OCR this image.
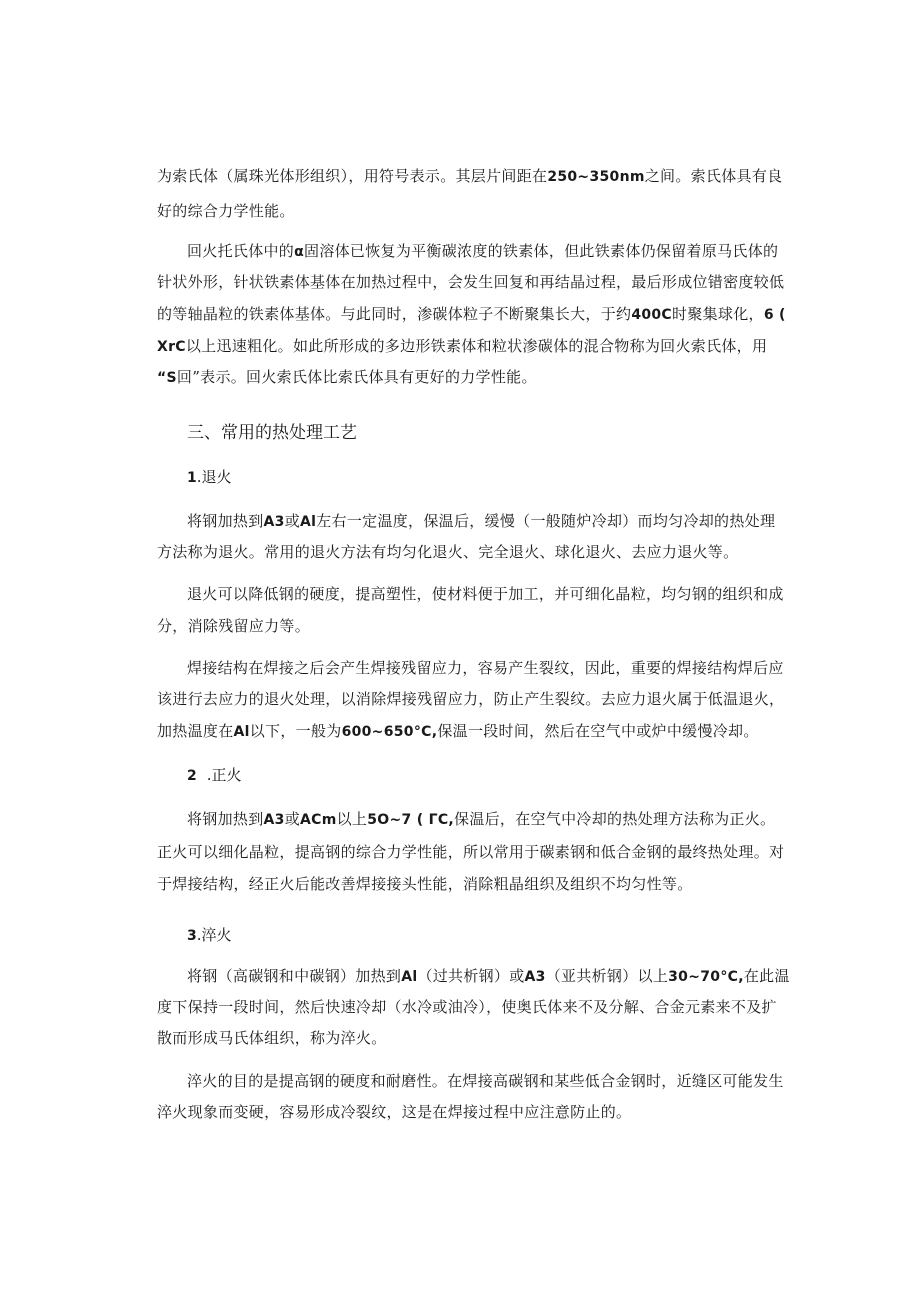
为索氏体（属珠光体形组织），用符号表示。其层片间距在250~350nm之间。索氏体具有良
好的综合力学性能。
回火托氏体中的α固溶体已恢复为平衡碳浓度的铁素体，但此铁素体仍保留着原马氏体的
针状外形，针状铁素体基体在加热过程中，会发生回复和再结晶过程，最后形成位错密度较低
的等轴晶粒的铁素体基体。与此同时，渗碳体粒子不断聚集长大，于约400C时聚集球化，6 (
XrC以上迅速粗化。如此所形成的多边形铁素体和粒状渗碳体的混合物称为回火索氏体，用
“S回”表示。回火索氏体比索氏体具有更好的力学性能。
三、常用的热处理工艺
1.退火
将钢加热到A3或Al左右一定温度，保温后，缓慢（一般随炉冷却）而均匀冷却的热处理
方法称为退火。常用的退火方法有均匀化退火、完全退火、球化退火、去应力退火等。
退火可以降低钢的硬度，提高塑性，使材料便于加工，并可细化晶粒，均匀钢的组织和成
分，消除残留应力等。
焊接结构在焊接之后会产生焊接残留应力，容易产生裂纹，因此，重要的焊接结构焊后应
该进行去应力的退火处理，以消除焊接残留应力，防止产生裂纹。去应力退火属于低温退火，
加热温度在Al以下，一般为600~650°C,保温一段时间，然后在空气中或炉中缓慢冷却。
2 .正火
将钢加热到A3或ACm以上5O~7 ( ГC,保温后，在空气中冷却的热处理方法称为正火。
正火可以细化晶粒，提高钢的综合力学性能，所以常用于碳素钢和低合金钢的最终热处理。对
于焊接结构，经正火后能改善焊接接头性能，消除粗晶组织及组织不均匀性等。
3.淬火
将钢（高碳钢和中碳钢）加热到Al（过共析钢）或A3（亚共析钢）以上30~70°C,在此温
度下保持一段时间，然后快速冷却（水冷或油冷），使奥氏体来不及分解、合金元素来不及扩
散而形成马氏体组织，称为淬火。
淬火的目的是提高钢的硬度和耐磨性。在焊接高碳钢和某些低合金钢时，近缝区可能发生
淬火现象而变硬，容易形成冷裂纹，这是在焊接过程中应注意防止的。
